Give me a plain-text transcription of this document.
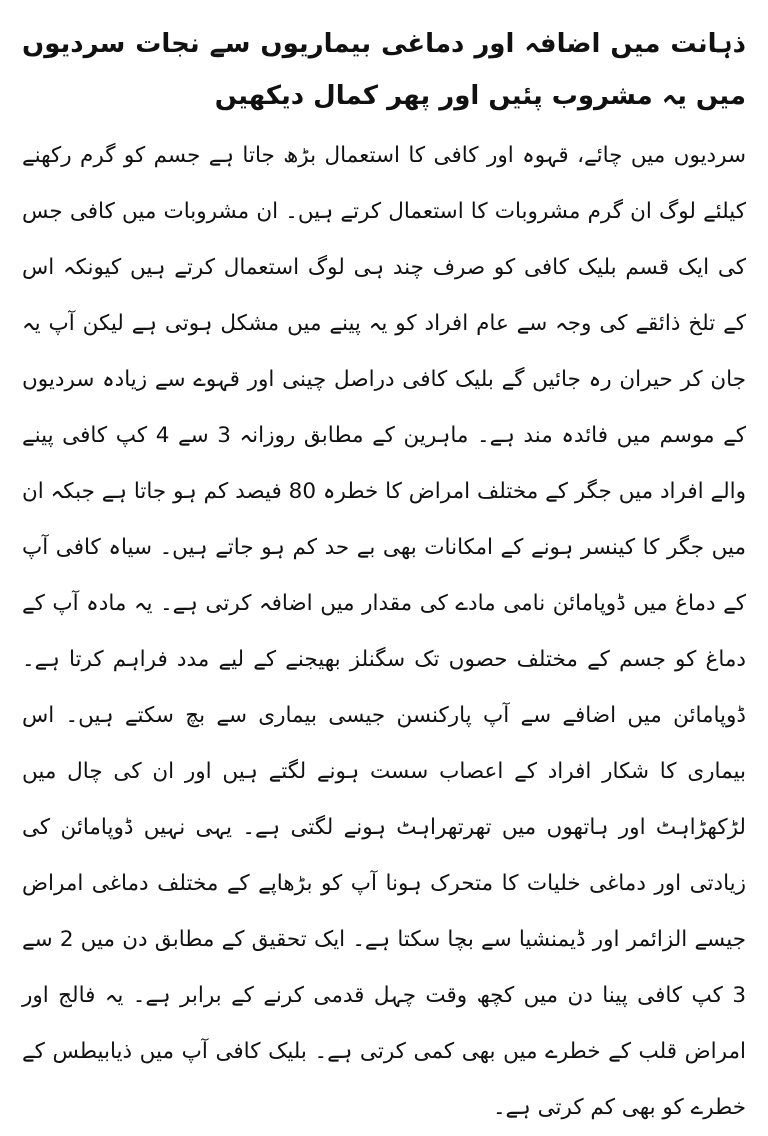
ذہانت میں اضافہ اور دماغی بیماریوں سے نجات سردیوں میں یہ مشروب پئیں اور پھر کمال دیکھیں

سردیوں میں چائے، قہوہ اور کافی کا استعمال بڑھ جاتا ہے جسم کو گرم رکھنے کیلئے لوگ ان گرم مشروبات کا استعمال کرتے ہیں۔ ان مشروبات میں کافی جس کی ایک قسم بلیک کافی کو صرف چند ہی لوگ استعمال کرتے ہیں کیونکہ اس کے تلخ ذائقے کی وجہ سے عام افراد کو یہ پینے میں مشکل ہوتی ہے لیکن آپ یہ جان کر حیران رہ جائیں گے بلیک کافی دراصل چینی اور قہوے سے زیادہ سردیوں کے موسم میں فائدہ مند ہے۔ ماہرین کے مطابق روزانہ 3 سے 4 کپ کافی پینے والے افراد میں جگر کے مختلف امراض کا خطرہ 80 فیصد کم ہو جاتا ہے جبکہ ان میں جگر کا کینسر ہونے کے امکانات بھی بے حد کم ہو جاتے ہیں۔ سیاہ کافی آپ کے دماغ میں ڈوپامائن نامی مادے کی مقدار میں اضافہ کرتی ہے۔ یہ مادہ آپ کے دماغ کو جسم کے مختلف حصوں تک سگنلز بھیجنے کے لیے مدد فراہم کرتا ہے۔ ڈوپامائن میں اضافے سے آپ پارکنسن جیسی بیماری سے بچ سکتے ہیں۔ اس بیماری کا شکار افراد کے اعصاب سست ہونے لگتے ہیں اور ان کی چال میں لڑکھڑاہٹ اور ہاتھوں میں تھرتھراہٹ ہونے لگتی ہے۔ یہی نہیں ڈوپامائن کی زیادتی اور دماغی خلیات کا متحرک ہونا آپ کو بڑھاپے کے مختلف دماغی امراض جیسے الزائمر اور ڈیمنشیا سے بچا سکتا ہے۔ ایک تحقیق کے مطابق دن میں 2 سے 3 کپ کافی پینا دن میں کچھ وقت چہل قدمی کرنے کے برابر ہے۔ یہ فالج اور امراض قلب کے خطرے میں بھی کمی کرتی ہے۔ بلیک کافی آپ میں ذیابیطس کے خطرے کو بھی کم کرتی ہے۔
